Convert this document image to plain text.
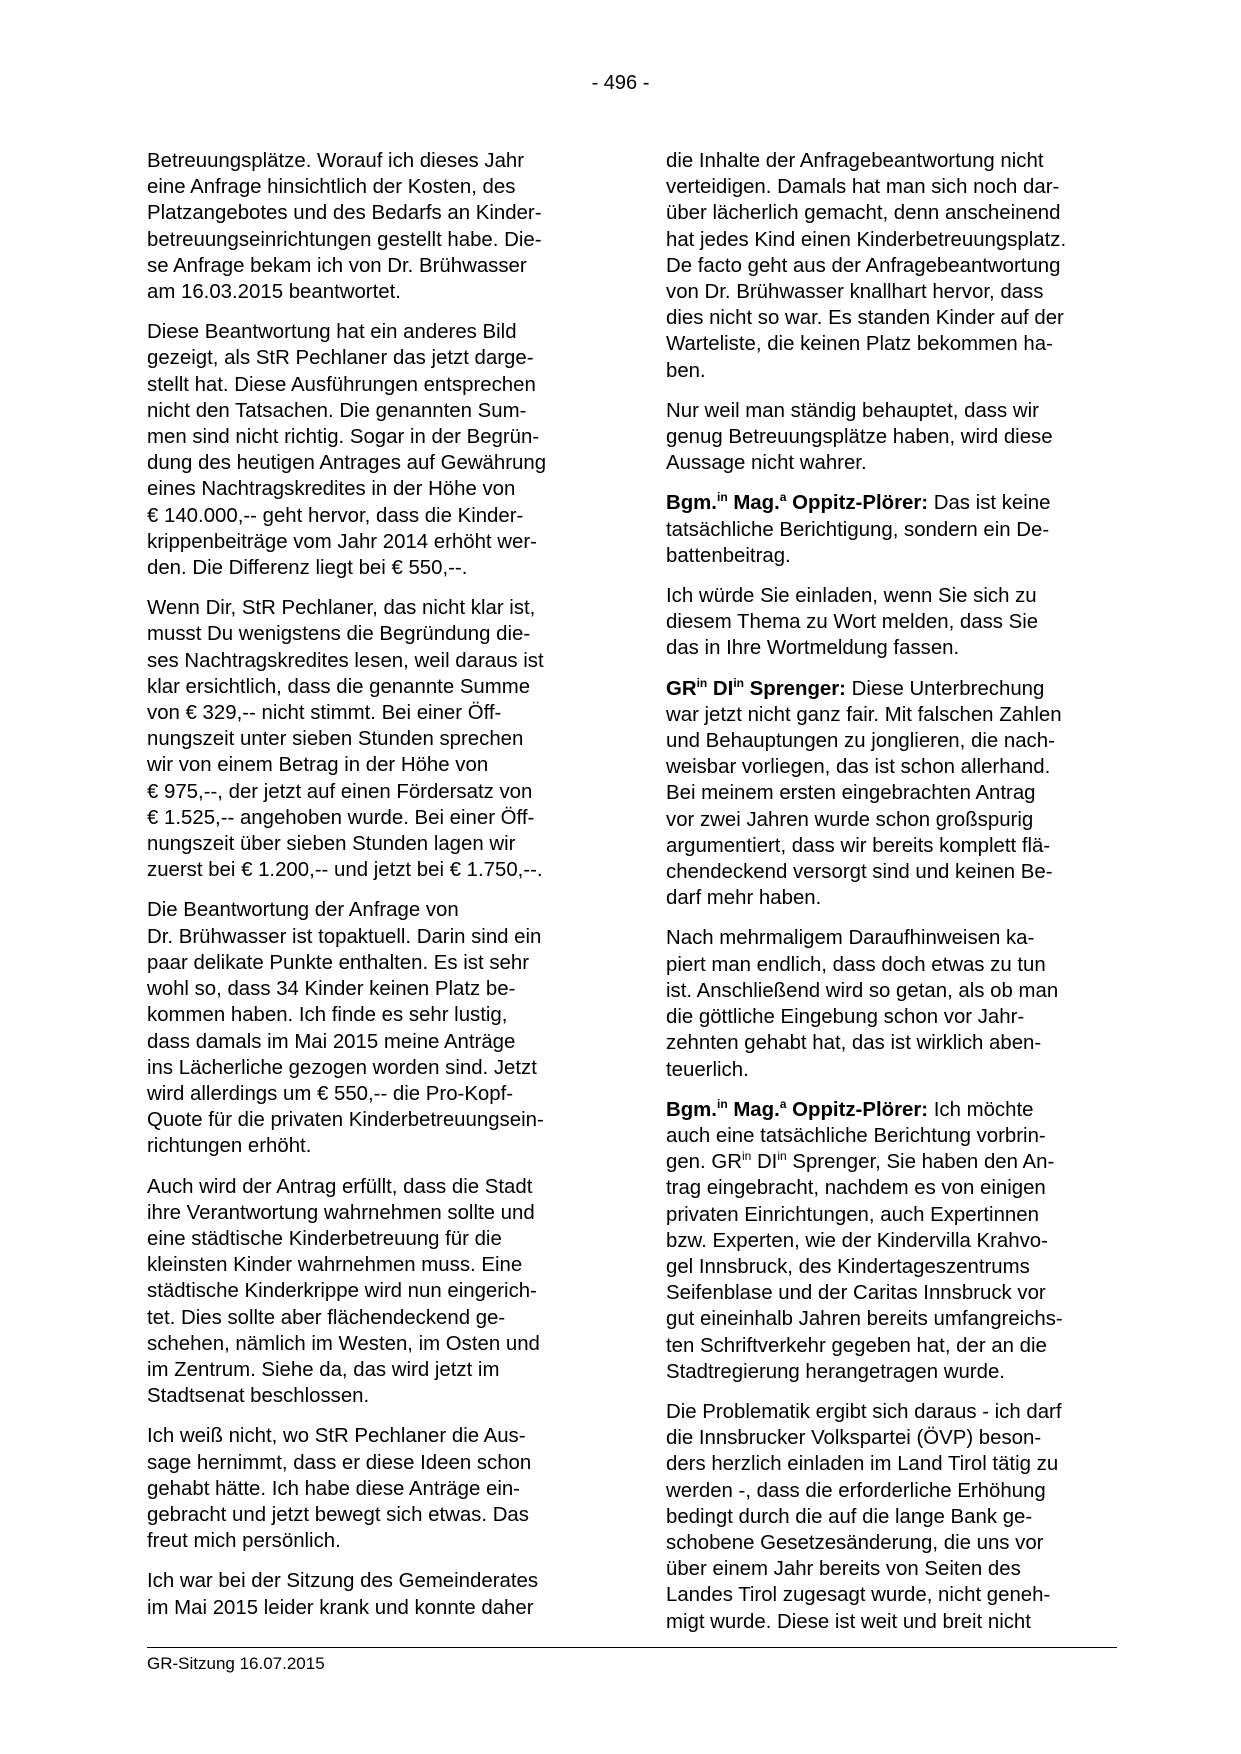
- 496 -
Betreuungsplätze. Worauf ich dieses Jahr
eine Anfrage hinsichtlich der Kosten, des
Platzangebotes und des Bedarfs an Kinder-
betreuungseinrichtungen gestellt habe. Die-
se Anfrage bekam ich von Dr. Brühwasser
am 16.03.2015 beantwortet.
Diese Beantwortung hat ein anderes Bild
gezeigt, als StR Pechlaner das jetzt darge-
stellt hat. Diese Ausführungen entsprechen
nicht den Tatsachen. Die genannten Sum-
men sind nicht richtig. Sogar in der Begrün-
dung des heutigen Antrages auf Gewährung
eines Nachtragskredites in der Höhe von
€ 140.000,-- geht hervor, dass die Kinder-
krippenbeiträge vom Jahr 2014 erhöht wer-
den. Die Differenz liegt bei € 550,--.
Wenn Dir, StR Pechlaner, das nicht klar ist,
musst Du wenigstens die Begründung die-
ses Nachtragskredites lesen, weil daraus ist
klar ersichtlich, dass die genannte Summe
von € 329,-- nicht stimmt. Bei einer Öff-
nungszeit unter sieben Stunden sprechen
wir von einem Betrag in der Höhe von
€ 975,--, der jetzt auf einen Fördersatz von
€ 1.525,-- angehoben wurde. Bei einer Öff-
nungszeit über sieben Stunden lagen wir
zuerst bei € 1.200,-- und jetzt bei € 1.750,--.
Die Beantwortung der Anfrage von
Dr. Brühwasser ist topaktuell. Darin sind ein
paar delikate Punkte enthalten. Es ist sehr
wohl so, dass 34 Kinder keinen Platz be-
kommen haben. Ich finde es sehr lustig,
dass damals im Mai 2015 meine Anträge
ins Lächerliche gezogen worden sind. Jetzt
wird allerdings um € 550,-- die Pro-Kopf-
Quote für die privaten Kinderbetreuungsein-
richtungen erhöht.
Auch wird der Antrag erfüllt, dass die Stadt
ihre Verantwortung wahrnehmen sollte und
eine städtische Kinderbetreuung für die
kleinsten Kinder wahrnehmen muss. Eine
städtische Kinderkrippe wird nun eingerich-
tet. Dies sollte aber flächendeckend ge-
schehen, nämlich im Westen, im Osten und
im Zentrum. Siehe da, das wird jetzt im
Stadtsenat beschlossen.
Ich weiß nicht, wo StR Pechlaner die Aus-
sage hernimmt, dass er diese Ideen schon
gehabt hätte. Ich habe diese Anträge ein-
gebracht und jetzt bewegt sich etwas. Das
freut mich persönlich.
Ich war bei der Sitzung des Gemeinderates
im Mai 2015 leider krank und konnte daher
die Inhalte der Anfragebeantwortung nicht
verteidigen. Damals hat man sich noch dar-
über lächerlich gemacht, denn anscheinend
hat jedes Kind einen Kinderbetreuungsplatz.
De facto geht aus der Anfragebeantwortung
von Dr. Brühwasser knallhart hervor, dass
dies nicht so war. Es standen Kinder auf der
Warteliste, die keinen Platz bekommen ha-
ben.
Nur weil man ständig behauptet, dass wir
genug Betreuungsplätze haben, wird diese
Aussage nicht wahrer.
Bgm.$^{in}$ Mag.$^a$ Oppitz-Plörer: Das ist keine
tatsächliche Berichtigung, sondern ein De-
battenbeitrag.
Ich würde Sie einladen, wenn Sie sich zu
diesem Thema zu Wort melden, dass Sie
das in Ihre Wortmeldung fassen.
$GR^{in}$ $DI^{in}$ Sprenger: Diese Unterbrechung
war jetzt nicht ganz fair. Mit falschen Zahlen
und Behauptungen zu jonglieren, die nach-
weisbar vorliegen, das ist schon allerhand.
Bei meinem ersten eingebrachten Antrag
vor zwei Jahren wurde schon großspurig
argumentiert, dass wir bereits komplett flä-
chendeckend versorgt sind und keinen Be-
darf mehr haben.
Nach mehrmaligem Daraufhinweisen ka-
piert man endlich, dass doch etwas zu tun
ist. Anschließend wird so getan, als ob man
die göttliche Eingebung schon vor Jahr-
zehnten gehabt hat, das ist wirklich aben-
teuerlich.
Bgm.$^{in}$ Mag.$^a$ Oppitz-Plörer: Ich möchte
auch eine tatsächliche Berichtung vorbrin-
gen. $GR^{in}$ $DI^{in}$ Sprenger, Sie haben den An-
trag eingebracht, nachdem es von einigen
privaten Einrichtungen, auch Expertinnen
bzw. Experten, wie der Kindervilla Krahvo-
gel Innsbruck, des Kindertageszentrums
Seifenblase und der Caritas Innsbruck vor
gut eineinhalb Jahren bereits umfangreichs-
ten Schriftverkehr gegeben hat, der an die
Stadtregierung herangetragen wurde.
Die Problematik ergibt sich daraus - ich darf
die Innsbrucker Volkspartei (ÖVP) beson-
ders herzlich einladen im Land Tirol tätig zu
werden -, dass die erforderliche Erhöhung
bedingt durch die auf die lange Bank ge-
schobene Gesetzesänderung, die uns vor
über einem Jahr bereits von Seiten des
Landes Tirol zugesagt wurde, nicht geneh-
migt wurde. Diese ist weit und breit nicht
GR-Sitzung 16.07.2015
